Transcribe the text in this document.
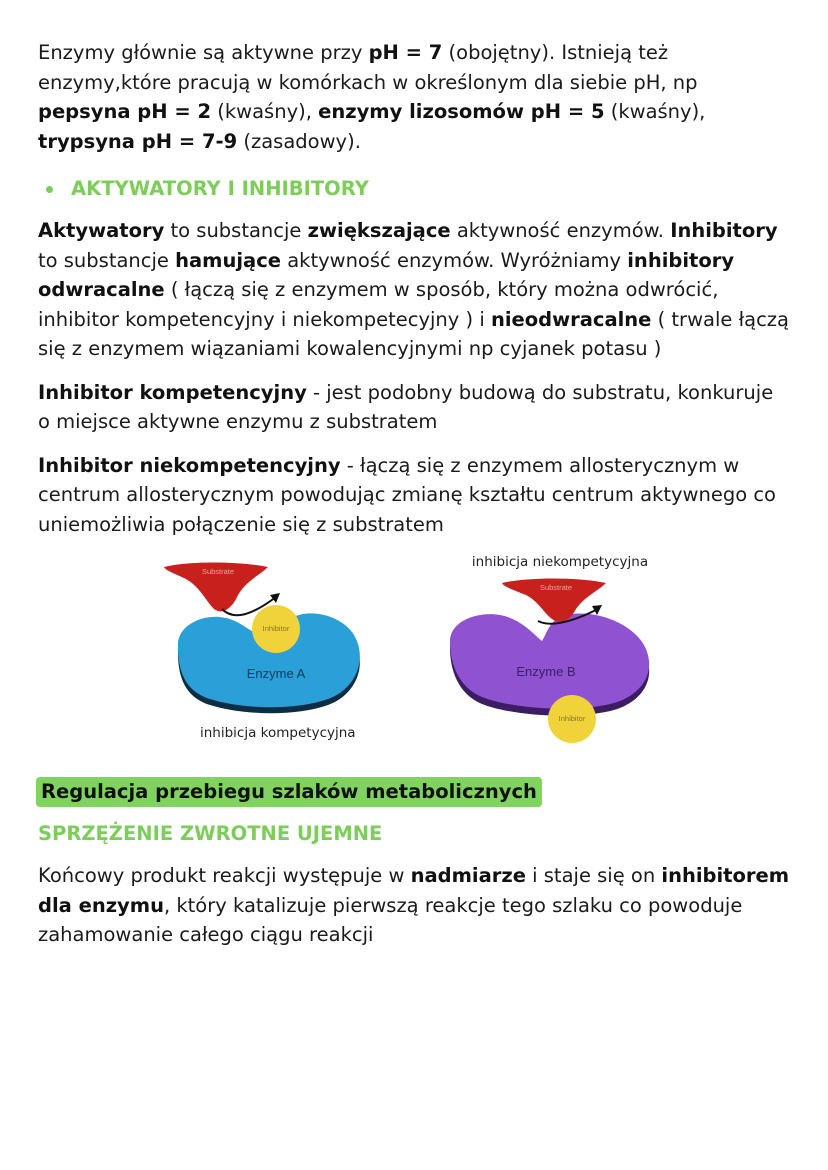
Enzymy głównie są aktywne przy pH = 7 (obojętny). Istnieją też enzymy,które pracują w komórkach w określonym dla siebie pH, np pepsyna pH = 2 (kwaśny), enzymy lizosomów pH = 5 (kwaśny), trypsyna pH = 7-9 (zasadowy).

AKTYWATORY I INHIBITORY

Aktywatory to substancje zwiększające aktywność enzymów. Inhibitory to substancje hamujące aktywność enzymów. Wyróżniamy inhibitory odwracalne ( łączą się z enzymem w sposób, który można odwrócić, inhibitor kompetencyjny i niekompetecyjny ) i nieodwracalne ( trwale łączą się z enzymem wiązaniami kowalencyjnymi np cyjanek potasu )

Inhibitor kompetencyjny - jest podobny budową do substratu, konkuruje o miejsce aktywne enzymu z substratem

Inhibitor niekompetencyjny - łączą się z enzymem allosterycznym w centrum allosterycznym powodując zmianę kształtu centrum aktywnego co uniemożliwia połączenie się z substratem

Substrate
Inhibitor
Enzyme A
inhibicja niekompetycyjna
Substrate
Inhibitor
Enzyme B
inhibicja kompetycyjna
Regulacja przebiegu szlaków metabolicznych
SPRZĘŻENIE ZWROTNE UJEMNE

Końcowy produkt reakcji występuje w nadmiarze i staje się on inhibitorem dla enzymu, który katalizuje pierwszą reakcje tego szlaku co powoduje zahamowanie całego ciągu reakcji
